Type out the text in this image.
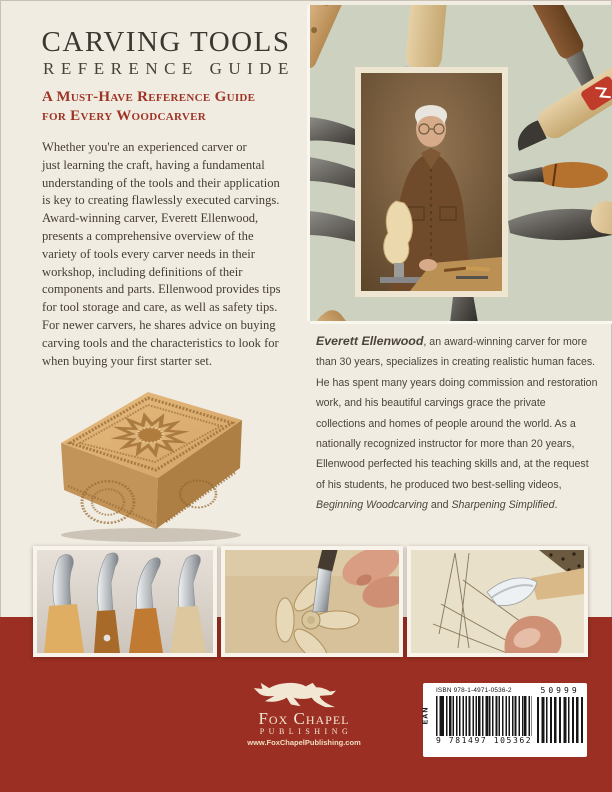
CARVING TOOLS
REFERENCE GUIDE
A Must-Have Reference Guide
for Every Woodcarver
Whether you're an experienced carver or
just learning the craft, having a fundamental
understanding of the tools and their application
is key to creating flawlessly executed carvings.
Award-winning carver, Everett Ellenwood,
presents a comprehensive overview of the
variety of tools every carver needs in their
workshop, including definitions of their
components and parts. Ellenwood provides tips
for tool storage and care, as well as safety tips.
For newer carvers, he shares advice on buying
carving tools and the characteristics to look for
when buying your first starter set.
Everett Ellenwood, an award-winning carver for more
than 30 years, specializes in creating realistic human faces.
He has spent many years doing commission and restoration
work, and his beautiful carvings grace the private
collections and homes of people around the world. As a
nationally recognized instructor for more than 20 years,
Ellenwood perfected his teaching skills and, at the request
of his students, he produced two best-selling videos,
Beginning Woodcarving and Sharpening Simplified.
Fox Chapel
PUBLISHING
www.FoxChapelPublishing.com
EAN
ISBN 978-1-4971-0536-2
9 781497 105362
50999
